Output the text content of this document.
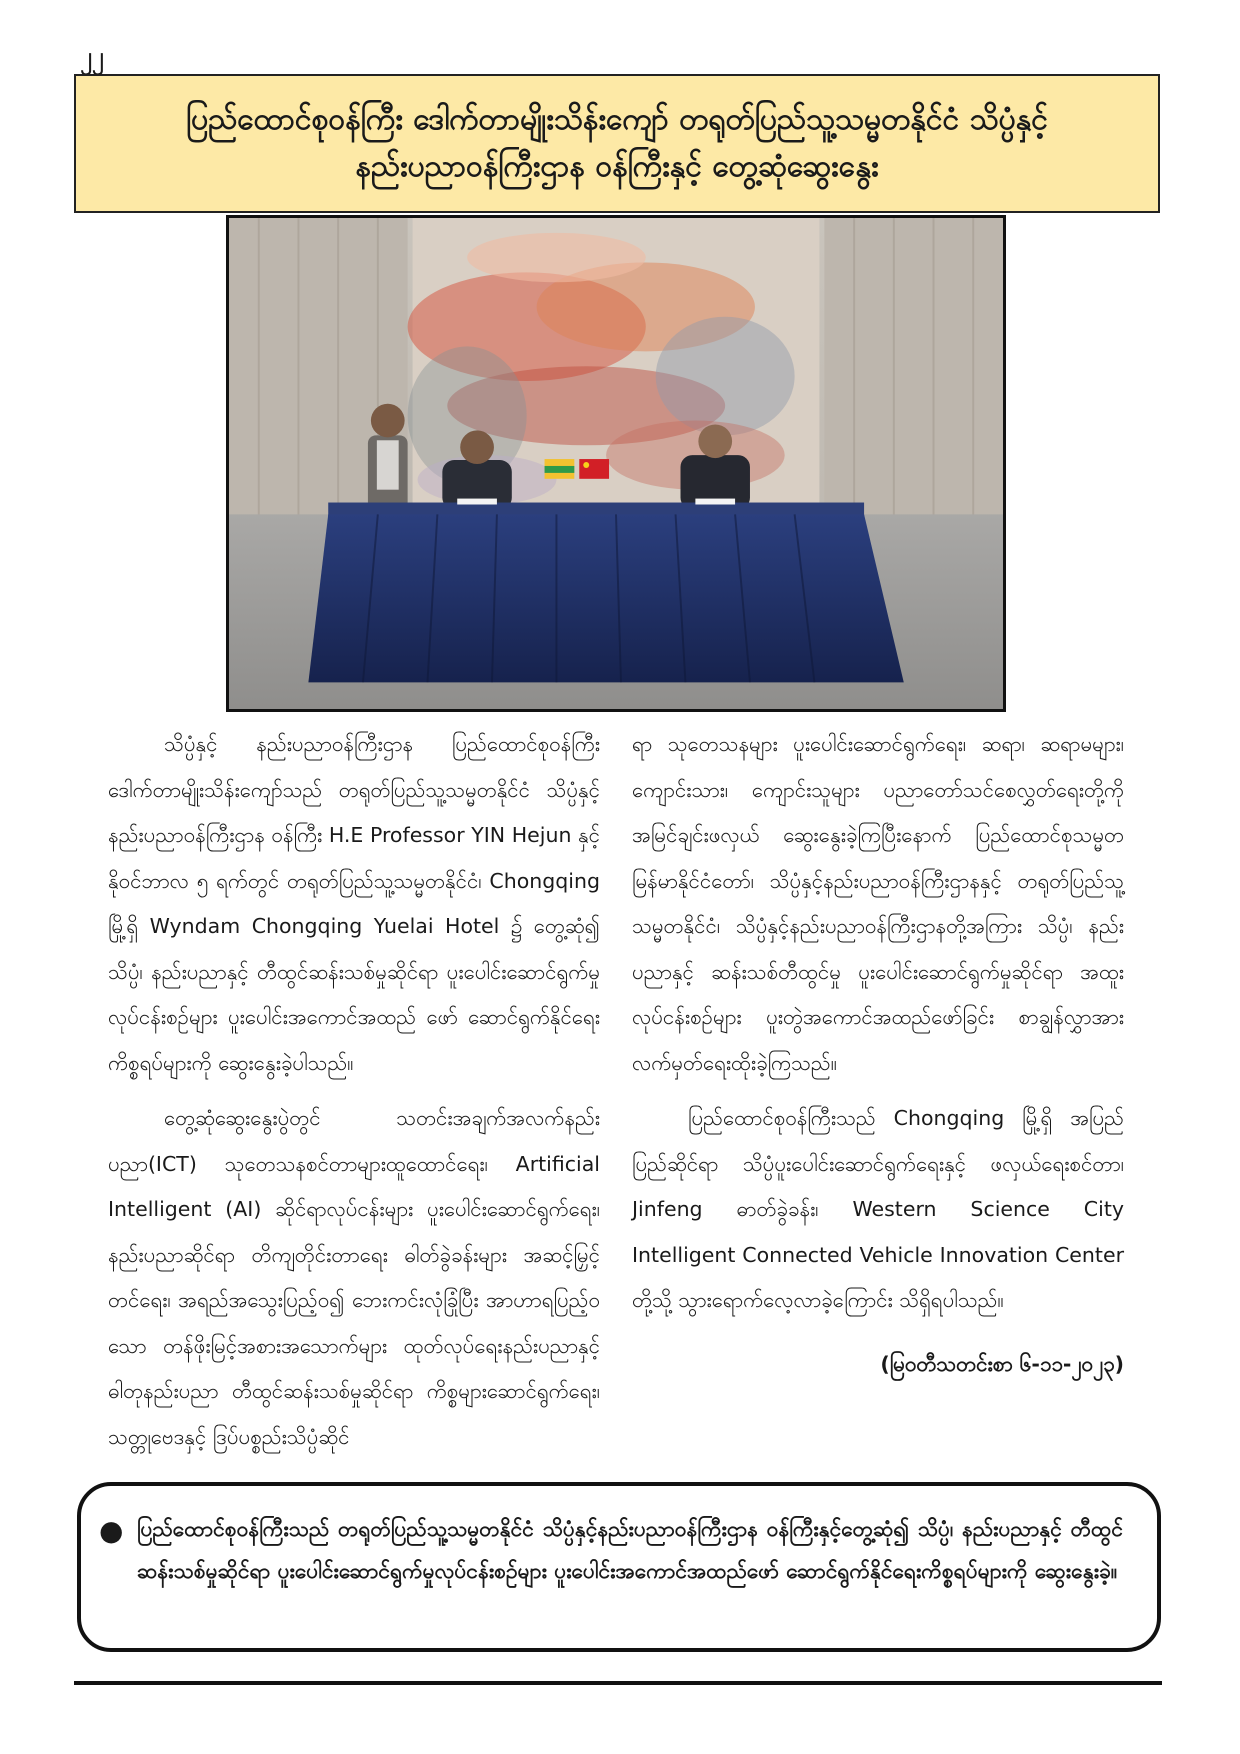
၂၂
ပြည်ထောင်စုဝန်ကြီး ဒေါက်တာမျိုးသိန်းကျော် တရုတ်ပြည်သူ့သမ္မတနိုင်ငံ သိပ္ပံနှင့်
နည်းပညာဝန်ကြီးဌာန ဝန်ကြီးနှင့် တွေ့ဆုံဆွေးနွေး

သိပ္ပံနှင့် နည်းပညာဝန်ကြီးဌာန ပြည်ထောင်စုဝန်ကြီး ဒေါက်တာမျိုးသိန်းကျော်သည် တရုတ်ပြည်သူ့သမ္မတနိုင်ငံ သိပ္ပံနှင့်နည်းပညာဝန်ကြီးဌာန ဝန်ကြီး H.E Professor YIN Hejun နှင့် နိုဝင်ဘာလ ၅ ရက်တွင် တရုတ်ပြည်သူ့သမ္မတနိုင်ငံ၊ Chongqing မြို့ရှိ Wyndam Chongqing Yuelai Hotel ၌ တွေ့ဆုံ၍ သိပ္ပံ၊ နည်းပညာနှင့် တီထွင်ဆန်းသစ်မှုဆိုင်ရာ ပူးပေါင်းဆောင်ရွက်မှုလုပ်ငန်းစဉ်များ ပူးပေါင်းအကောင်အထည် ဖော် ဆောင်ရွက်နိုင်ရေးကိစ္စရပ်များကို ဆွေးနွေးခဲ့ပါသည်။

တွေ့ဆုံဆွေးနွေးပွဲတွင် သတင်းအချက်အလက်နည်းပညာ(ICT) သုတေသနစင်တာများထူထောင်ရေး၊ Artificial Intelligent (AI) ဆိုင်ရာလုပ်ငန်းများ ပူးပေါင်းဆောင်ရွက်ရေး၊ နည်းပညာဆိုင်ရာ တိကျတိုင်းတာရေး ဓါတ်ခွဲခန်းများ အဆင့်မြှင့်တင်ရေး၊ အရည်အသွေးပြည့်ဝ၍ ဘေးကင်းလုံခြုံပြီး အာဟာရပြည့်ဝသော တန်ဖိုးမြင့်အစားအသောက်များ ထုတ်လုပ်ရေးနည်းပညာနှင့် ဓါတုနည်းပညာ တီထွင်ဆန်းသစ်မှုဆိုင်ရာ ကိစ္စများဆောင်ရွက်ရေး၊ သတ္တုဗေဒနှင့် ဒြပ်ပစ္စည်းသိပ္ပံဆိုင်

ရာ သုတေသနများ ပူးပေါင်းဆောင်ရွက်ရေး၊ ဆရာ၊ ဆရာမများ၊ ကျောင်းသား၊ ကျောင်းသူများ ပညာတော်သင်စေလွှတ်ရေးတို့ကို အမြင်ချင်းဖလှယ် ဆွေးနွေးခဲ့ကြပြီးနောက် ပြည်ထောင်စုသမ္မတမြန်မာနိုင်ငံတော်၊ သိပ္ပံနှင့်နည်းပညာဝန်ကြီးဌာနနှင့် တရုတ်ပြည်သူ့သမ္မတနိုင်ငံ၊ သိပ္ပံနှင့်နည်းပညာဝန်ကြီးဌာနတို့အကြား သိပ္ပံ၊ နည်းပညာနှင့် ဆန်းသစ်တီထွင်မှု ပူးပေါင်းဆောင်ရွက်မှုဆိုင်ရာ အထူးလုပ်ငန်းစဉ်များ ပူးတွဲအကောင်အထည်ဖော်ခြင်း စာချွန်လွှာအား လက်မှတ်ရေးထိုးခဲ့ကြသည်။

ပြည်ထောင်စုဝန်ကြီးသည် Chongqing မြို့ရှိ အပြည်ပြည်ဆိုင်ရာ သိပ္ပံပူးပေါင်းဆောင်ရွက်ရေးနှင့် ဖလှယ်ရေးစင်တာ၊ Jinfeng ဓာတ်ခွဲခန်း၊ Western Science City Intelligent Connected Vehicle Innovation Center တို့သို့ သွားရောက်လေ့လာခဲ့ကြောင်း သိရှိရပါသည်။

(မြဝတီသတင်းစာ ၆-၁၁-၂၀၂၃)

● ပြည်ထောင်စုဝန်ကြီးသည် တရုတ်ပြည်သူ့သမ္မတနိုင်ငံ သိပ္ပံနှင့်နည်းပညာဝန်ကြီးဌာန ဝန်ကြီးနှင့်တွေ့ဆုံ၍ သိပ္ပံ၊ နည်းပညာနှင့် တီထွင်ဆန်းသစ်မှုဆိုင်ရာ ပူးပေါင်းဆောင်ရွက်မှုလုပ်ငန်းစဉ်များ ပူးပေါင်းအကောင်အထည်ဖော် ဆောင်ရွက်နိုင်ရေးကိစ္စရပ်များကို ဆွေးနွေးခဲ့။
